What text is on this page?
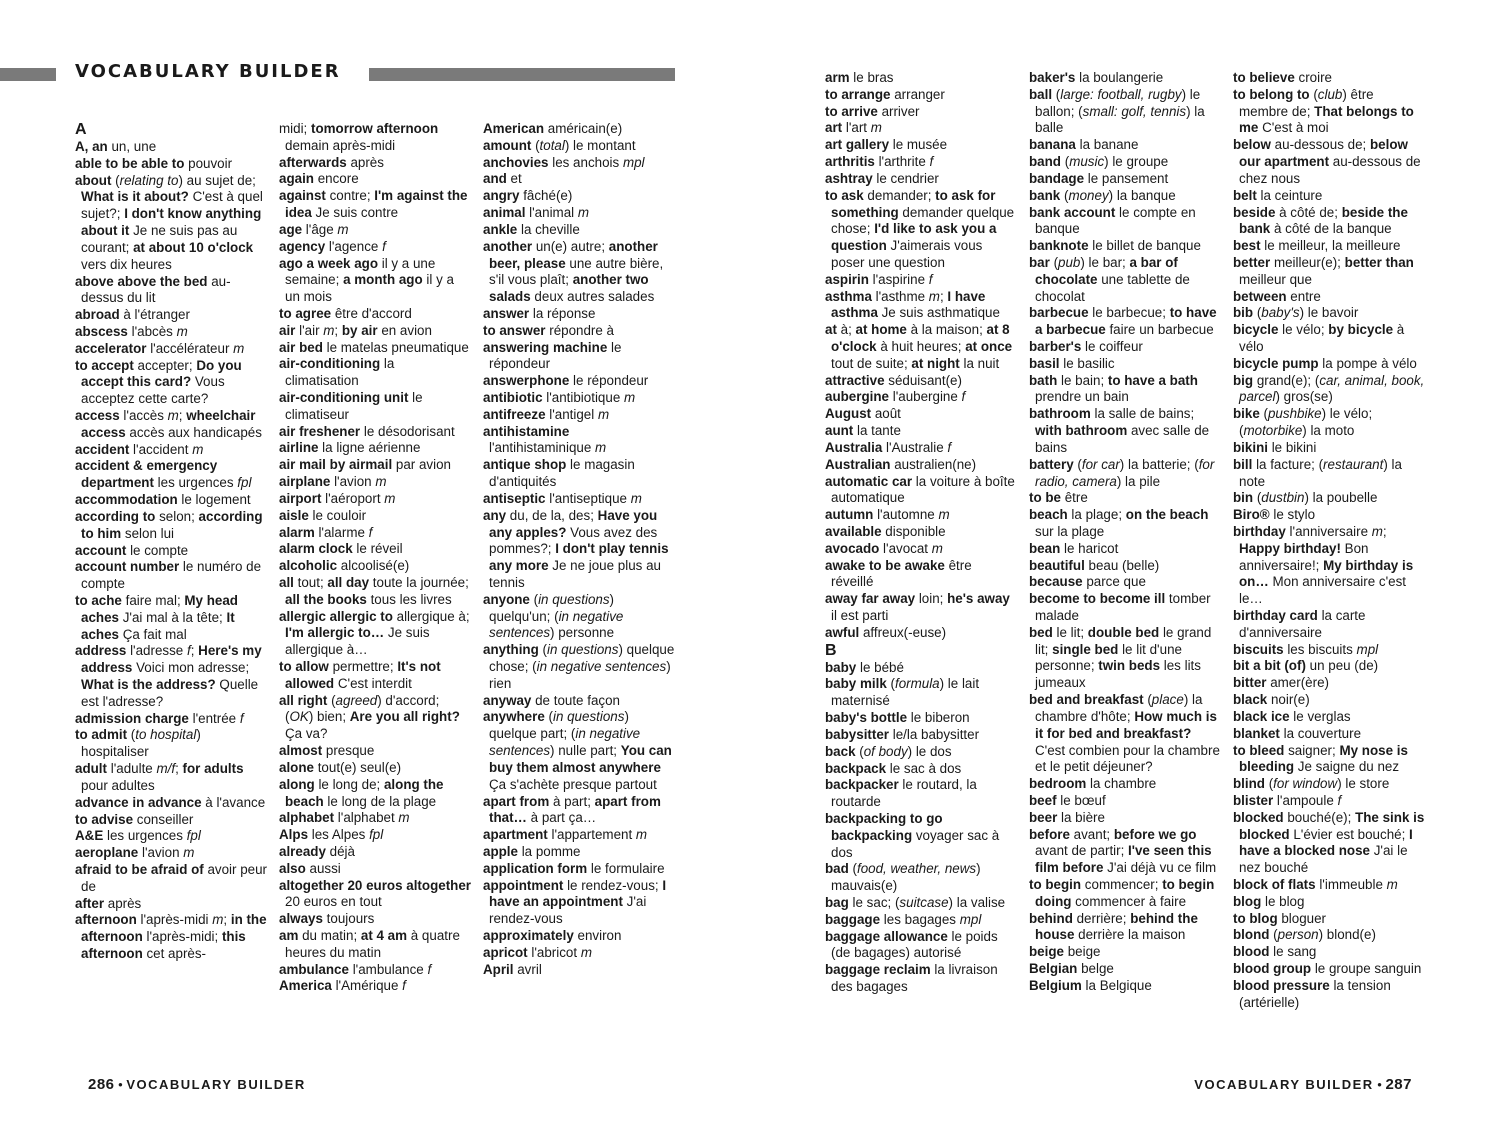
VOCABULARY BUILDER
A

A, an un, une

able to be able to pouvoir

about (relating to) au sujet de; What is it about? C'est à quel sujet?; I don't know anything about it Je ne suis pas au courant; at about 10 o'clock vers dix heures

above above the bed au-dessus du lit

abroad à l'étranger

abscess l'abcès m

accelerator l'accélérateur m

to accept accepter; Do you accept this card? Vous acceptez cette carte?

access l'accès m; wheelchair access accès aux handicapés

accident l'accident m

accident & emergency department les urgences fpl

accommodation le logement

according to selon; according to him selon lui

account le compte

account number le numéro de compte

to ache faire mal; My head aches J'ai mal à la tête; It aches Ça fait mal

address l'adresse f; Here's my address Voici mon adresse; What is the address? Quelle est l'adresse?

admission charge l'entrée f

to admit (to hospital) hospitaliser

adult l'adulte m/f; for adults pour adultes

advance in advance à l'avance

to advise conseiller

A&E les urgences fpl

aeroplane l'avion m

afraid to be afraid of avoir peur de

after après

afternoon l'après-midi m; in the afternoon l'après-midi; this afternoon cet après-

midi; tomorrow afternoon demain après-midi

afterwards après

again encore

against contre; I'm against the idea Je suis contre

age l'âge m

agency l'agence f

ago a week ago il y a une semaine; a month ago il y a un mois

to agree être d'accord

air l'air m; by air en avion

air bed le matelas pneumatique

air-conditioning la climatisation

air-conditioning unit le climatiseur

air freshener le désodorisant

airline la ligne aérienne

air mail by airmail par avion

airplane l'avion m

airport l'aéroport m

aisle le couloir

alarm l'alarme f

alarm clock le réveil

alcoholic alcoolisé(e)

all tout; all day toute la journée; all the books tous les livres

allergic allergic to allergique à; I'm allergic to… Je suis allergique à…

to allow permettre; It's not allowed C'est interdit

all right (agreed) d'accord; (OK) bien; Are you all right? Ça va?

almost presque

alone tout(e) seul(e)

along le long de; along the beach le long de la plage

alphabet l'alphabet m

Alps les Alpes fpl

already déjà

also aussi

altogether 20 euros altogether 20 euros en tout

always toujours

am du matin; at 4 am à quatre heures du matin

ambulance l'ambulance f

America l'Amérique f

American américain(e)

amount (total) le montant

anchovies les anchois mpl

and et

angry fâché(e)

animal l'animal m

ankle la cheville

another un(e) autre; another beer, please une autre bière, s'il vous plaît; another two salads deux autres salades

answer la réponse

to answer répondre à

answering machine le répondeur

answerphone le répondeur

antibiotic l'antibiotique m

antifreeze l'antigel m

antihistamine l'antihistaminique m

antique shop le magasin d'antiquités

antiseptic l'antiseptique m

any du, de la, des; Have you any apples? Vous avez des pommes?; I don't play tennis any more Je ne joue plus au tennis

anyone (in questions) quelqu'un; (in negative sentences) personne

anything (in questions) quelque chose; (in negative sentences) rien

anyway de toute façon

anywhere (in questions) quelque part; (in negative sentences) nulle part; You can buy them almost anywhere Ça s'achète presque partout

apart from à part; apart from that… à part ça…

apartment l'appartement m

apple la pomme

application form le formulaire

appointment le rendez-vous; I have an appointment J'ai rendez-vous

approximately environ

apricot l'abricot m

April avril

arm le bras

to arrange arranger

to arrive arriver

art l'art m

art gallery le musée

arthritis l'arthrite f

ashtray le cendrier

to ask demander; to ask for something demander quelque chose; I'd like to ask you a question J'aimerais vous poser une question

aspirin l'aspirine f

asthma l'asthme m; I have asthma Je suis asthmatique

at à; at home à la maison; at 8 o'clock à huit heures; at once tout de suite; at night la nuit

attractive séduisant(e)

aubergine l'aubergine f

August août

aunt la tante

Australia l'Australie f

Australian australien(ne)

automatic car la voiture à boîte automatique

autumn l'automne m

available disponible

avocado l'avocat m

awake to be awake être réveillé

away far away loin; he's away il est parti

awful affreux(-euse)

B

baby le bébé

baby milk (formula) le lait maternisé

baby's bottle le biberon

babysitter le/la babysitter

back (of body) le dos

backpack le sac à dos

backpacker le routard, la routarde

backpacking to go backpacking voyager sac à dos

bad (food, weather, news) mauvais(e)

bag le sac; (suitcase) la valise

baggage les bagages mpl

baggage allowance le poids (de bagages) autorisé

baggage reclaim la livraison des bagages

baker's la boulangerie

ball (large: football, rugby) le ballon; (small: golf, tennis) la balle

banana la banane

band (music) le groupe

bandage le pansement

bank (money) la banque

bank account le compte en banque

banknote le billet de banque

bar (pub) le bar; a bar of chocolate une tablette de chocolat

barbecue le barbecue; to have a barbecue faire un barbecue

barber's le coiffeur

basil le basilic

bath le bain; to have a bath prendre un bain

bathroom la salle de bains; with bathroom avec salle de bains

battery (for car) la batterie; (for radio, camera) la pile

to be être

beach la plage; on the beach sur la plage

bean le haricot

beautiful beau (belle)

because parce que

become to become ill tomber malade

bed le lit; double bed le grand lit; single bed le lit d'une personne; twin beds les lits jumeaux

bed and breakfast (place) la chambre d'hôte; How much is it for bed and breakfast? C'est combien pour la chambre et le petit déjeuner?

bedroom la chambre

beef le bœuf

beer la bière

before avant; before we go avant de partir; I've seen this film before J'ai déjà vu ce film

to begin commencer; to begin doing commencer à faire

behind derrière; behind the house derrière la maison

beige beige

Belgian belge

Belgium la Belgique

to believe croire

to belong to (club) être membre de; That belongs to me C'est à moi

below au-dessous de; below our apartment au-dessous de chez nous

belt la ceinture

beside à côté de; beside the bank à côté de la banque

best le meilleur, la meilleure

better meilleur(e); better than meilleur que

between entre

bib (baby's) le bavoir

bicycle le vélo; by bicycle à vélo

bicycle pump la pompe à vélo

big grand(e); (car, animal, book, parcel) gros(se)

bike (pushbike) le vélo; (motorbike) la moto

bikini le bikini

bill la facture; (restaurant) la note

bin (dustbin) la poubelle

Biro® le stylo

birthday l'anniversaire m; Happy birthday! Bon anniversaire!; My birthday is on… Mon anniversaire c'est le…

birthday card la carte d'anniversaire

biscuits les biscuits mpl

bit a bit (of) un peu (de)

bitter amer(ère)

black noir(e)

black ice le verglas

blanket la couverture

to bleed saigner; My nose is bleeding Je saigne du nez

blind (for window) le store

blister l'ampoule f

blocked bouché(e); The sink is blocked L'évier est bouché; I have a blocked nose J'ai le nez bouché

block of flats l'immeuble m

blog le blog

to blog bloguer

blond (person) blond(e)

blood le sang

blood group le groupe sanguin

blood pressure la tension (artérielle)

286 • VOCABULARY BUILDER	VOCABULARY BUILDER • 287
